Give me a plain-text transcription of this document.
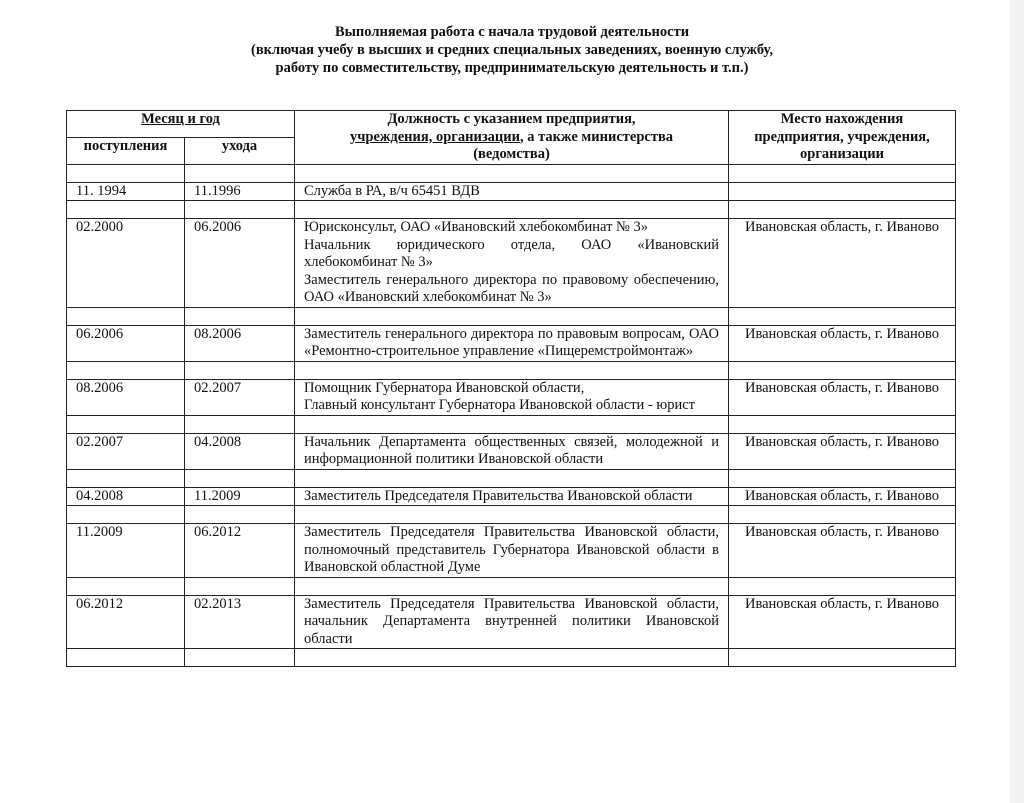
Выполняемая работа с начала трудовой деятельности
(включая учебу в высших и средних специальных заведениях, военную службу,
работу по совместительству, предпринимательскую деятельность и т.п.)
Месяц и год		Должность с указанием предприятия,
учреждения, организации, а также министерства
(ведомства)	Место нахождения предприятия, учреждения, организации
поступления	ухода		

11. 1994	11.1996	Служба в РА, в/ч 65451 ВДВ	

02.2000	06.2006	Юрисконсульт, ОАО «Ивановский хлебокомбинат № 3»
Начальник юридического отдела, ОАО «Ивановский хлебокомбинат № 3»
Заместитель генерального директора по правовому обеспечению, ОАО «Ивановский хлебокомбинат № 3»	Ивановская область, г. Иваново

06.2006	08.2006	Заместитель генерального директора по правовым вопросам, ОАО «Ремонтно-строительное управление «Пищеремстроймонтаж»	Ивановская область, г. Иваново

08.2006	02.2007	Помощник Губернатора Ивановской области,
Главный консультант Губернатора Ивановской области - юрист	Ивановская область, г. Иваново

02.2007	04.2008	Начальник Департамента общественных связей, молодежной и информационной политики Ивановской области	Ивановская область, г. Иваново

04.2008	11.2009	Заместитель Председателя Правительства Ивановской области	Ивановская область, г. Иваново

11.2009	06.2012	Заместитель Председателя Правительства Ивановской области, полномочный представитель Губернатора Ивановской области в Ивановской областной Думе	Ивановская область, г. Иваново

06.2012	02.2013	Заместитель Председателя Правительства Ивановской области, начальник Департамента внутренней политики Ивановской области	Ивановская область, г. Иваново
